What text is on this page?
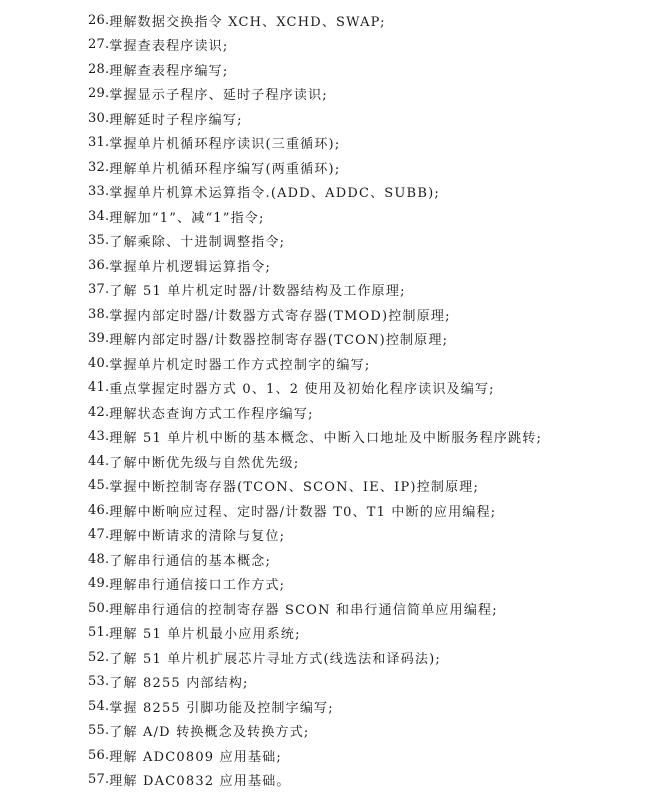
26. 理解数据交换指令 XCH、XCHD、SWAP;
27. 掌握查表程序读识;
28. 理解查表程序编写;
29. 掌握显示子程序、延时子程序读识;
30. 理解延时子程序编写;
31. 掌握单片机循环程序读识(三重循环);
32. 理解单片机循环程序编写(两重循环);
33. 掌握单片机算术运算指令.(ADD、ADDC、SUBB);
34. 理解加“1”、减“1”指令;
35. 了解乘除、十进制调整指令;
36. 掌握单片机逻辑运算指令;
37. 了解 51 单片机定时器/计数器结构及工作原理;
38. 掌握内部定时器/计数器方式寄存器(TMOD)控制原理;
39. 理解内部定时器/计数器控制寄存器(TCON)控制原理;
40. 掌握单片机定时器工作方式控制字的编写;
41. 重点掌握定时器方式 0、1、2 使用及初始化程序读识及编写;
42. 理解状态查询方式工作程序编写;
43. 理解 51 单片机中断的基本概念、中断入口地址及中断服务程序跳转;
44. 了解中断优先级与自然优先级;
45. 掌握中断控制寄存器(TCON、SCON、IE、IP)控制原理;
46. 理解中断响应过程、定时器/计数器 T0、T1 中断的应用编程;
47. 理解中断请求的清除与复位;
48. 了解串行通信的基本概念;
49. 理解串行通信接口工作方式;
50. 理解串行通信的控制寄存器 SCON 和串行通信简单应用编程;
51. 理解 51 单片机最小应用系统;
52. 了解 51 单片机扩展芯片寻址方式(线选法和译码法);
53. 了解 8255 内部结构;
54. 掌握 8255 引脚功能及控制字编写;
55. 了解 A/D 转换概念及转换方式;
56. 理解 ADC0809 应用基础;
57. 理解 DAC0832 应用基础。
